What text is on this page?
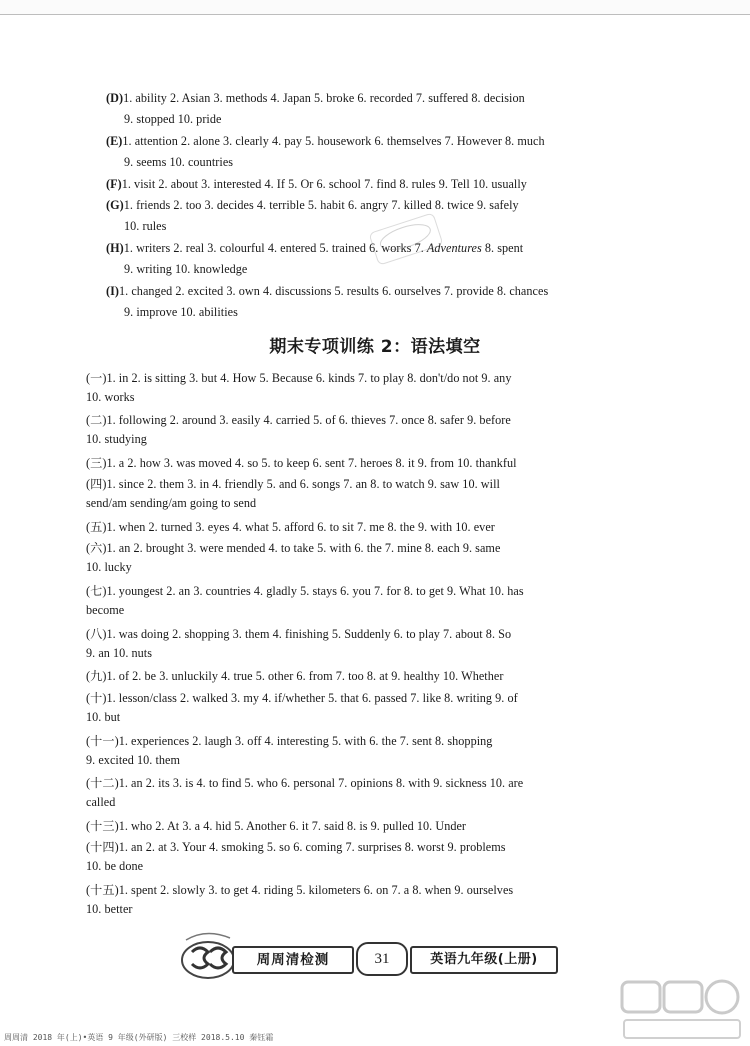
(D)1. ability 2. Asian 3. methods 4. Japan 5. broke 6. recorded 7. suffered 8. decision
9. stopped 10. pride
(E)1. attention 2. alone 3. clearly 4. pay 5. housework 6. themselves 7. However 8. much
9. seems 10. countries
(F)1. visit 2. about 3. interested 4. If 5. Or 6. school 7. find 8. rules 9. Tell 10. usually
(G)1. friends 2. too 3. decides 4. terrible 5. habit 6. angry 7. killed 8. twice 9. safely
10. rules
(H)1. writers 2. real 3. colourful 4. entered 5. trained 6. works 7. Adventures 8. spent
9. writing 10. knowledge
(I)1. changed 2. excited 3. own 4. discussions 5. results 6. ourselves 7. provide 8. chances
9. improve 10. abilities
期末专项训练 2：语法填空
(一)1. in 2. is sitting 3. but 4. How 5. Because 6. kinds 7. to play 8. don't/do not 9. any
10. works
(二)1. following 2. around 3. easily 4. carried 5. of 6. thieves 7. once 8. safer 9. before
10. studying
(三)1. a 2. how 3. was moved 4. so 5. to keep 6. sent 7. heroes 8. it 9. from 10. thankful
(四)1. since 2. them 3. in 4. friendly 5. and 6. songs 7. an 8. to watch 9. saw 10. will
send/am sending/am going to send
(五)1. when 2. turned 3. eyes 4. what 5. afford 6. to sit 7. me 8. the 9. with 10. ever
(六)1. an 2. brought 3. were mended 4. to take 5. with 6. the 7. mine 8. each 9. same
10. lucky
(七)1. youngest 2. an 3. countries 4. gladly 5. stays 6. you 7. for 8. to get 9. What 10. has
become
(八)1. was doing 2. shopping 3. them 4. finishing 5. Suddenly 6. to play 7. about 8. So
9. an 10. nuts
(九)1. of 2. be 3. unluckily 4. true 5. other 6. from 7. too 8. at 9. healthy 10. Whether
(十)1. lesson/class 2. walked 3. my 4. if/whether 5. that 6. passed 7. like 8. writing 9. of
10. but
(十一)1. experiences 2. laugh 3. off 4. interesting 5. with 6. the 7. sent 8. shopping
9. excited 10. them
(十二)1. an 2. its 3. is 4. to find 5. who 6. personal 7. opinions 8. with 9. sickness 10. are
called
(十三)1. who 2. At 3. a 4. hid 5. Another 6. it 7. said 8. is 9. pulled 10. Under
(十四)1. an 2. at 3. Your 4. smoking 5. so 6. coming 7. surprises 8. worst 9. problems
10. be done
(十五)1. spent 2. slowly 3. to get 4. riding 5. kilometers 6. on 7. a 8. when 9. ourselves
10. better
周周清检测	31	英语九年级(上册)
周周清 2018 年(上)•英语 9 年级(外研版) 三校样 2018.5.10 秦钰霜
